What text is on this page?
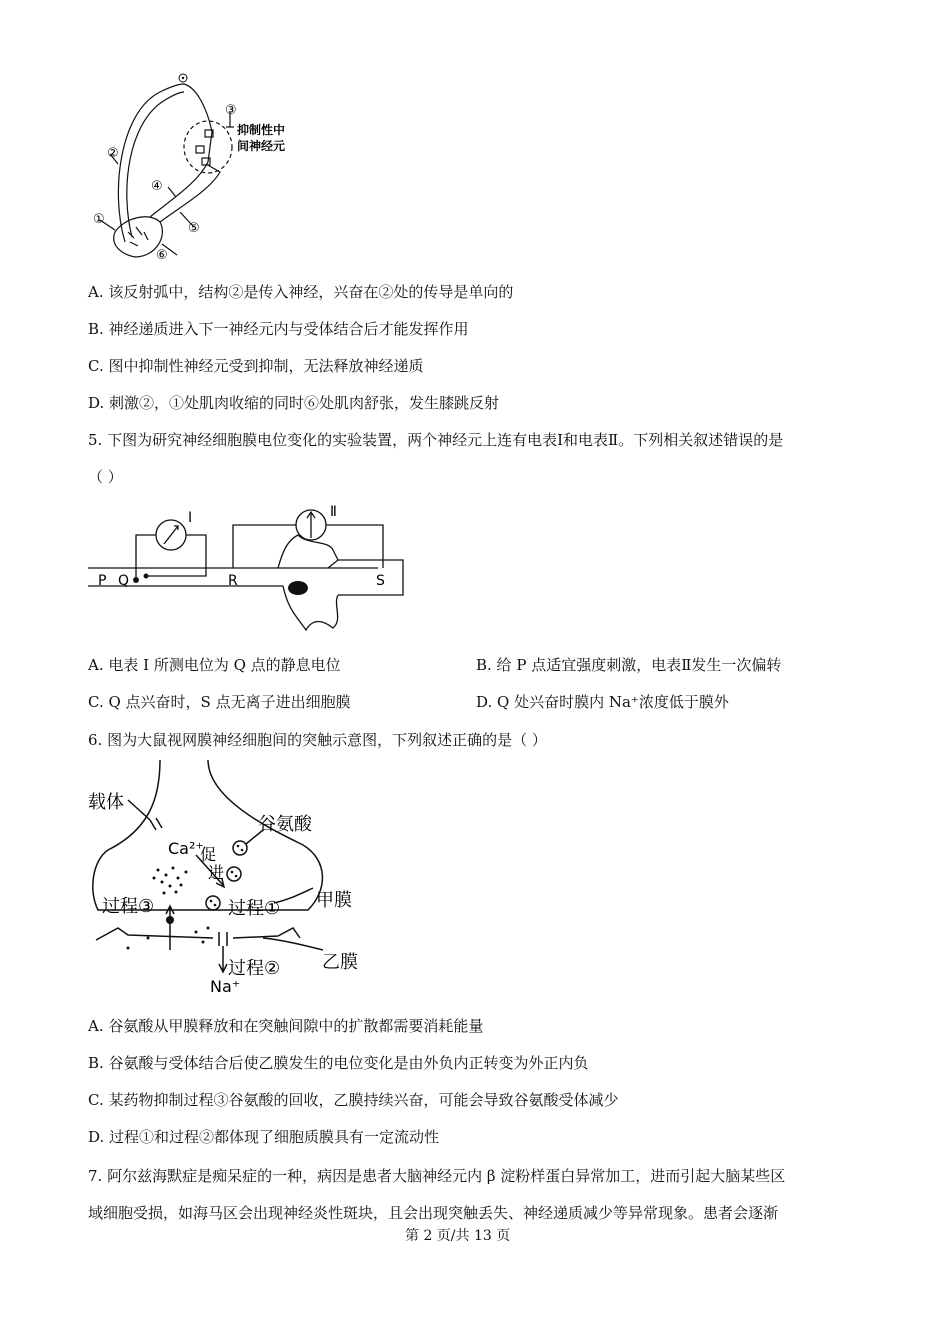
①
②
③
④
⑤
⑥
抑制性中
间神经元
A. 该反射弧中，结构②是传入神经，兴奋在②处的传导是单向的
B. 神经递质进入下一神经元内与受体结合后才能发挥作用
C. 图中抑制性神经元受到抑制，无法释放神经递质
D. 刺激②，①处肌肉收缩的同时⑥处肌肉舒张，发生膝跳反射
5. 下图为研究神经细胞膜电位变化的实验装置，两个神经元上连有电表Ⅰ和电表Ⅱ。下列相关叙述错误的是
（ ）
I	Ⅱ
P Q	R	S
A. 电表 I 所测电位为 Q 点的静息电位	B. 给 P 点适宜强度刺激，电表Ⅱ发生一次偏转
C. Q 点兴奋时，S 点无离子进出细胞膜	D. Q 处兴奋时膜内 Na⁺浓度低于膜外
6. 图为大鼠视网膜神经细胞间的突触示意图，下列叙述正确的是（ ）
载体
Ca²⁺
促
进
谷氨酸
过程①
过程③	甲膜
过程② 乙膜
Na⁺
A. 谷氨酸从甲膜释放和在突触间隙中的扩散都需要消耗能量
B. 谷氨酸与受体结合后使乙膜发生的电位变化是由外负内正转变为外正内负
C. 某药物抑制过程③谷氨酸的回收，乙膜持续兴奋，可能会导致谷氨酸受体减少
D. 过程①和过程②都体现了细胞质膜具有一定流动性
7. 阿尔兹海默症是痴呆症的一种，病因是患者大脑神经元内 β 淀粉样蛋白异常加工，进而引起大脑某些区
域细胞受损，如海马区会出现神经炎性斑块，且会出现突触丢失、神经递质减少等异常现象。患者会逐渐
第 2 页/共 13 页
